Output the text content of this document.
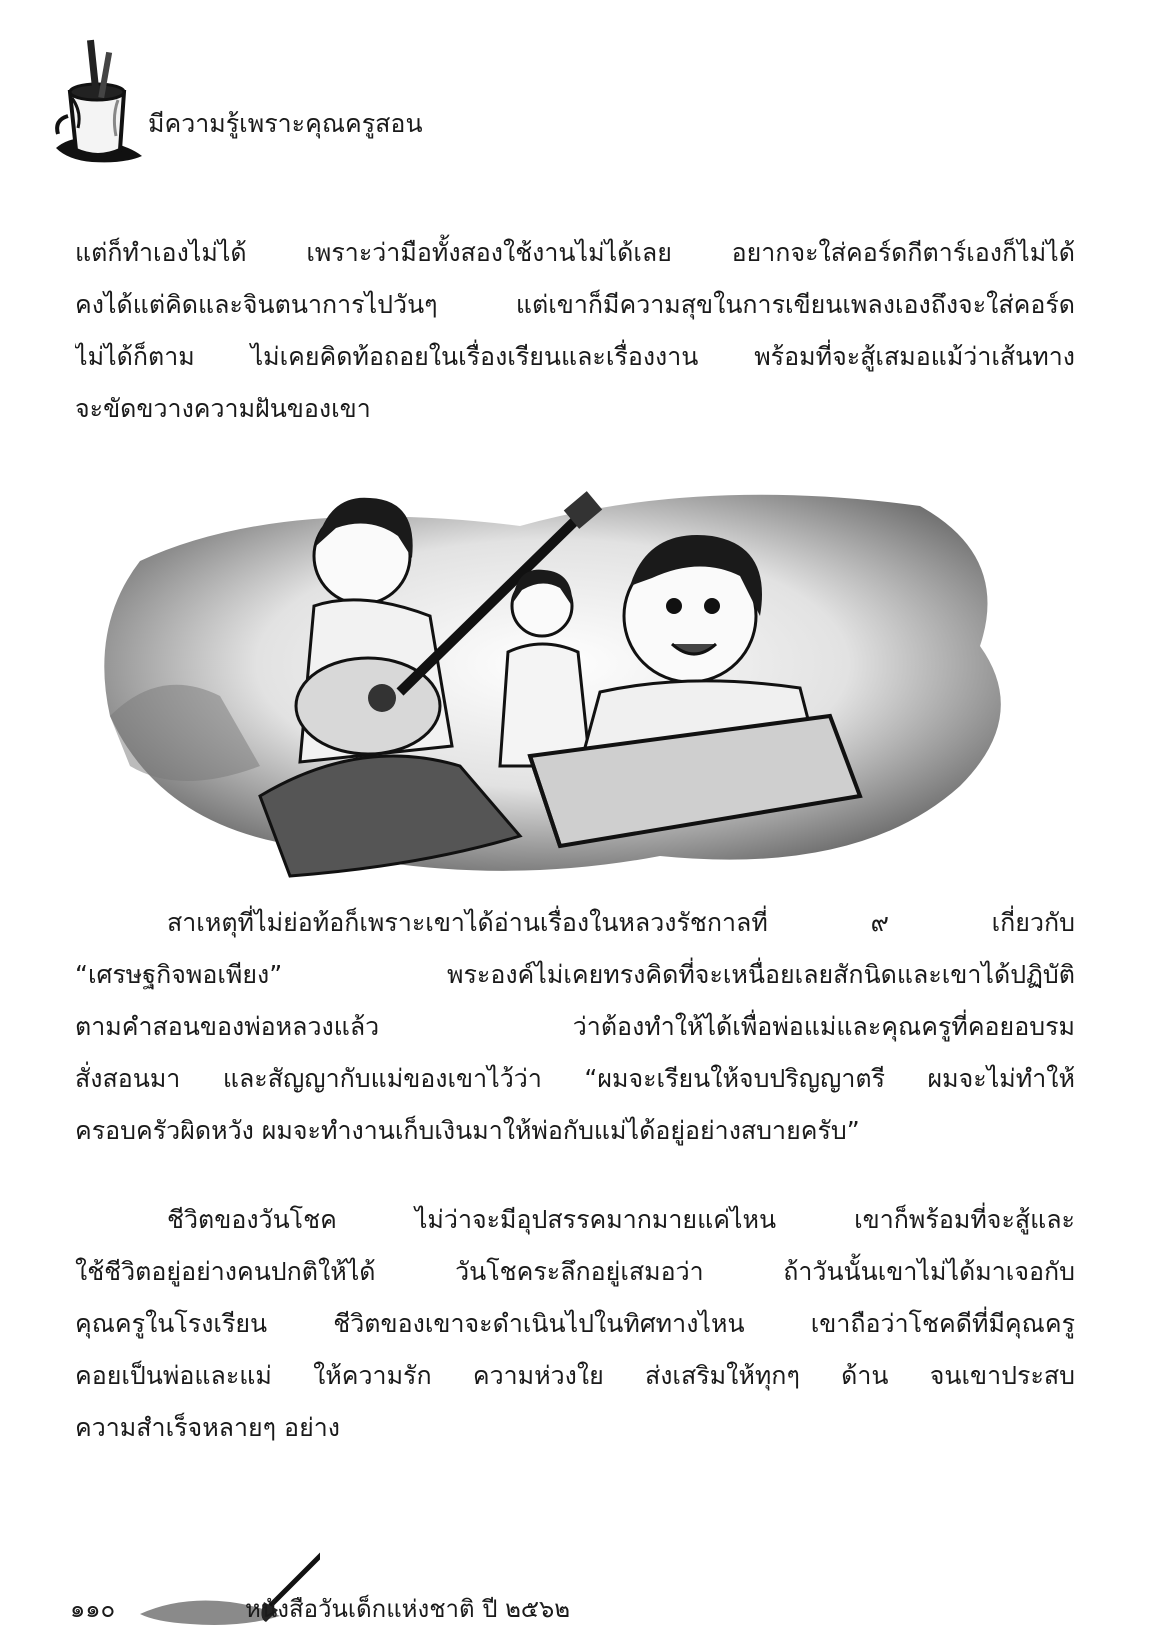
มีความรู้เพราะคุณครูสอน
แต่ก็ทำเองไม่ได้ เพราะว่ามือทั้งสองใช้งานไม่ได้เลย อยากจะใส่คอร์ดกีตาร์เองก็ไม่ได้
คงได้แต่คิดและจินตนาการไปวันๆ แต่เขาก็มีความสุขในการเขียนเพลงเองถึงจะใส่คอร์ด
ไม่ได้ก็ตาม ไม่เคยคิดท้อถอยในเรื่องเรียนและเรื่องงาน พร้อมที่จะสู้เสมอแม้ว่าเส้นทาง
จะขัดขวางความฝันของเขา
สาเหตุที่ไม่ย่อท้อก็เพราะเขาได้อ่านเรื่องในหลวงรัชกาลที่ ๙ เกี่ยวกับ
“เศรษฐกิจพอเพียง” พระองค์ไม่เคยทรงคิดที่จะเหนื่อยเลยสักนิดและเขาได้ปฏิบัติ
ตามคำสอนของพ่อหลวงแล้ว ว่าต้องทำให้ได้เพื่อพ่อแม่และคุณครูที่คอยอบรม
สั่งสอนมา และสัญญากับแม่ของเขาไว้ว่า “ผมจะเรียนให้จบปริญญาตรี ผมจะไม่ทำให้
ครอบครัวผิดหวัง ผมจะทำงานเก็บเงินมาให้พ่อกับแม่ได้อยู่อย่างสบายครับ”
ชีวิตของวันโชค ไม่ว่าจะมีอุปสรรคมากมายแค่ไหน เขาก็พร้อมที่จะสู้และ
ใช้ชีวิตอยู่อย่างคนปกติให้ได้ วันโชคระลึกอยู่เสมอว่า ถ้าวันนั้นเขาไม่ได้มาเจอกับ
คุณครูในโรงเรียน ชีวิตของเขาจะดำเนินไปในทิศทางไหน เขาถือว่าโชคดีที่มีคุณครู
คอยเป็นพ่อและแม่ ให้ความรัก ความห่วงใย ส่งเสริมให้ทุกๆ ด้าน จนเขาประสบ
ความสำเร็จหลายๆ อย่าง
๑๑๐	หนังสือวันเด็กแห่งชาติ ปี ๒๕๖๒
